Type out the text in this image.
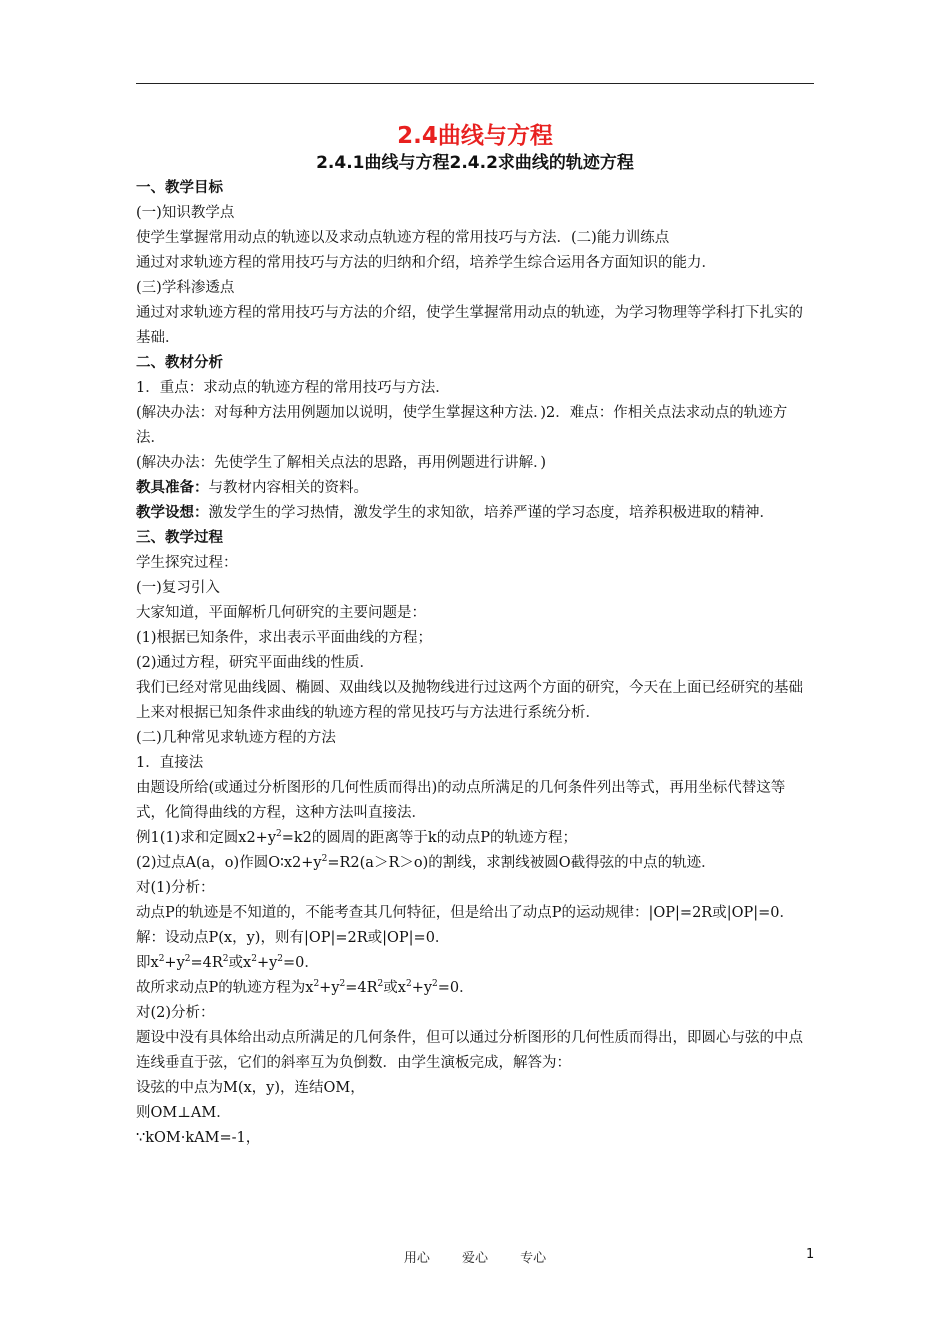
2.4曲线与方程
2.4.1曲线与方程2.4.2求曲线的轨迹方程
一、教学目标
(一)知识教学点
使学生掌握常用动点的轨迹以及求动点轨迹方程的常用技巧与方法．(二)能力训练点
通过对求轨迹方程的常用技巧与方法的归纳和介绍，培养学生综合运用各方面知识的能力．
(三)学科渗透点
通过对求轨迹方程的常用技巧与方法的介绍，使学生掌握常用动点的轨迹，为学习物理等学科打下扎实的基础．
二、教材分析
1．重点：求动点的轨迹方程的常用技巧与方法．
(解决办法：对每种方法用例题加以说明，使学生掌握这种方法．)2．难点：作相关点法求动点的轨迹方法．
(解决办法：先使学生了解相关点法的思路，再用例题进行讲解．)
教具准备：与教材内容相关的资料。
教学设想：激发学生的学习热情，激发学生的求知欲，培养严谨的学习态度，培养积极进取的精神．
三、教学过程
学生探究过程：
(一)复习引入
大家知道，平面解析几何研究的主要问题是：
(1)根据已知条件，求出表示平面曲线的方程；
(2)通过方程，研究平面曲线的性质．
我们已经对常见曲线圆、椭圆、双曲线以及抛物线进行过这两个方面的研究，今天在上面已经研究的基础上来对根据已知条件求曲线的轨迹方程的常见技巧与方法进行系统分析．
(二)几种常见求轨迹方程的方法
1．直接法
由题设所给(或通过分析图形的几何性质而得出)的动点所满足的几何条件列出等式，再用坐标代替这等式，化简得曲线的方程，这种方法叫直接法．
例1(1)求和定圆$x2+y^2=k2$的圆周的距离等于k的动点P的轨迹方程；
(2)过点A(a，o)作圆$O∶x2+y^2=R2(a>R>o)$的割线，求割线被圆O截得弦的中点的轨迹．
对(1)分析：
动点P的轨迹是不知道的，不能考查其几何特征，但是给出了动点P的运动规律：|OP|=2R或|OP|=0．
解：设动点P(x，y)，则有|OP|=2R或|OP|=0．
即$x^2+y^2=4R^2$或$x^2+y^2=0$．
故所求动点P的轨迹方程为$x^2+y^2=4R^2$或$x^2+y^2=0$．
对(2)分析：
题设中没有具体给出动点所满足的几何条件，但可以通过分析图形的几何性质而得出，即圆心与弦的中点连线垂直于弦，它们的斜率互为负倒数．由学生演板完成，解答为：
设弦的中点为M(x，y)，连结OM，
则OM⊥AM．
∵kOM·kAM=-1，
用心 爱心 专心	1
